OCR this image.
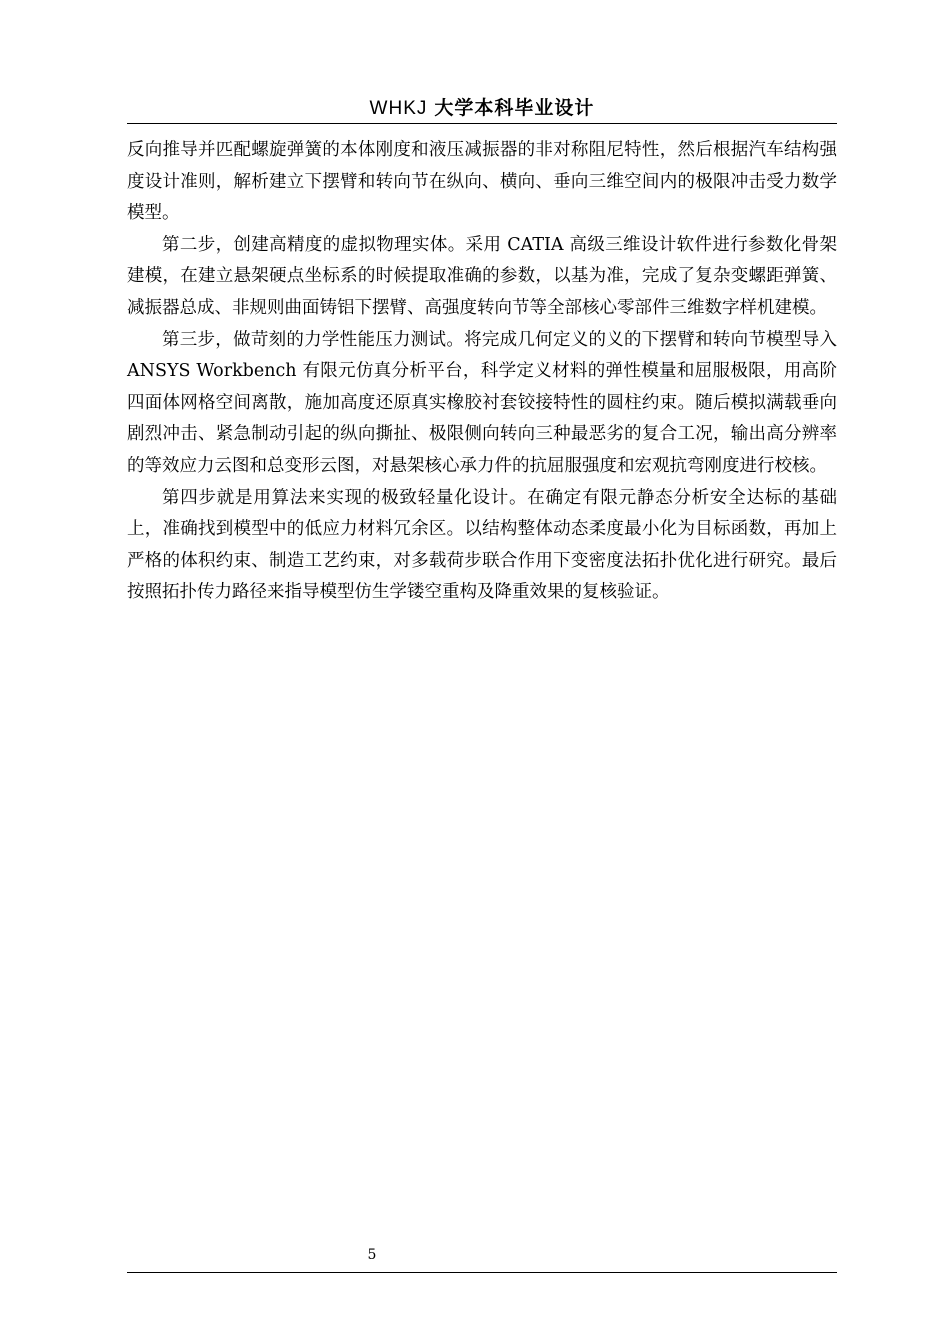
WHKJ 大学本科毕业设计

反向推导并匹配螺旋弹簧的本体刚度和液压减振器的非对称阻尼特性，然后根据汽车结构强度设计准则，解析建立下摆臂和转向节在纵向、横向、垂向三维空间内的极限冲击受力数学模型。

第二步，创建高精度的虚拟物理实体。采用 CATIA 高级三维设计软件进行参数化骨架建模，在建立悬架硬点坐标系的时候提取准确的参数，以基为准，完成了复杂变螺距弹簧、减振器总成、非规则曲面铸铝下摆臂、高强度转向节等全部核心零部件三维数字样机建模。

第三步，做苛刻的力学性能压力测试。将完成几何定义的义的下摆臂和转向节模型导入 ANSYS Workbench 有限元仿真分析平台，科学定义材料的弹性模量和屈服极限，用高阶四面体网格空间离散，施加高度还原真实橡胶衬套铰接特性的圆柱约束。随后模拟满载垂向剧烈冲击、紧急制动引起的纵向撕扯、极限侧向转向三种最恶劣的复合工况，输出高分辨率的等效应力云图和总变形云图，对悬架核心承力件的抗屈服强度和宏观抗弯刚度进行校核。

第四步就是用算法来实现的极致轻量化设计。在确定有限元静态分析安全达标的基础上，准确找到模型中的低应力材料冗余区。以结构整体动态柔度最小化为目标函数，再加上严格的体积约束、制造工艺约束，对多载荷步联合作用下变密度法拓扑优化进行研究。最后按照拓扑传力路径来指导模型仿生学镂空重构及降重效果的复核验证。

5
